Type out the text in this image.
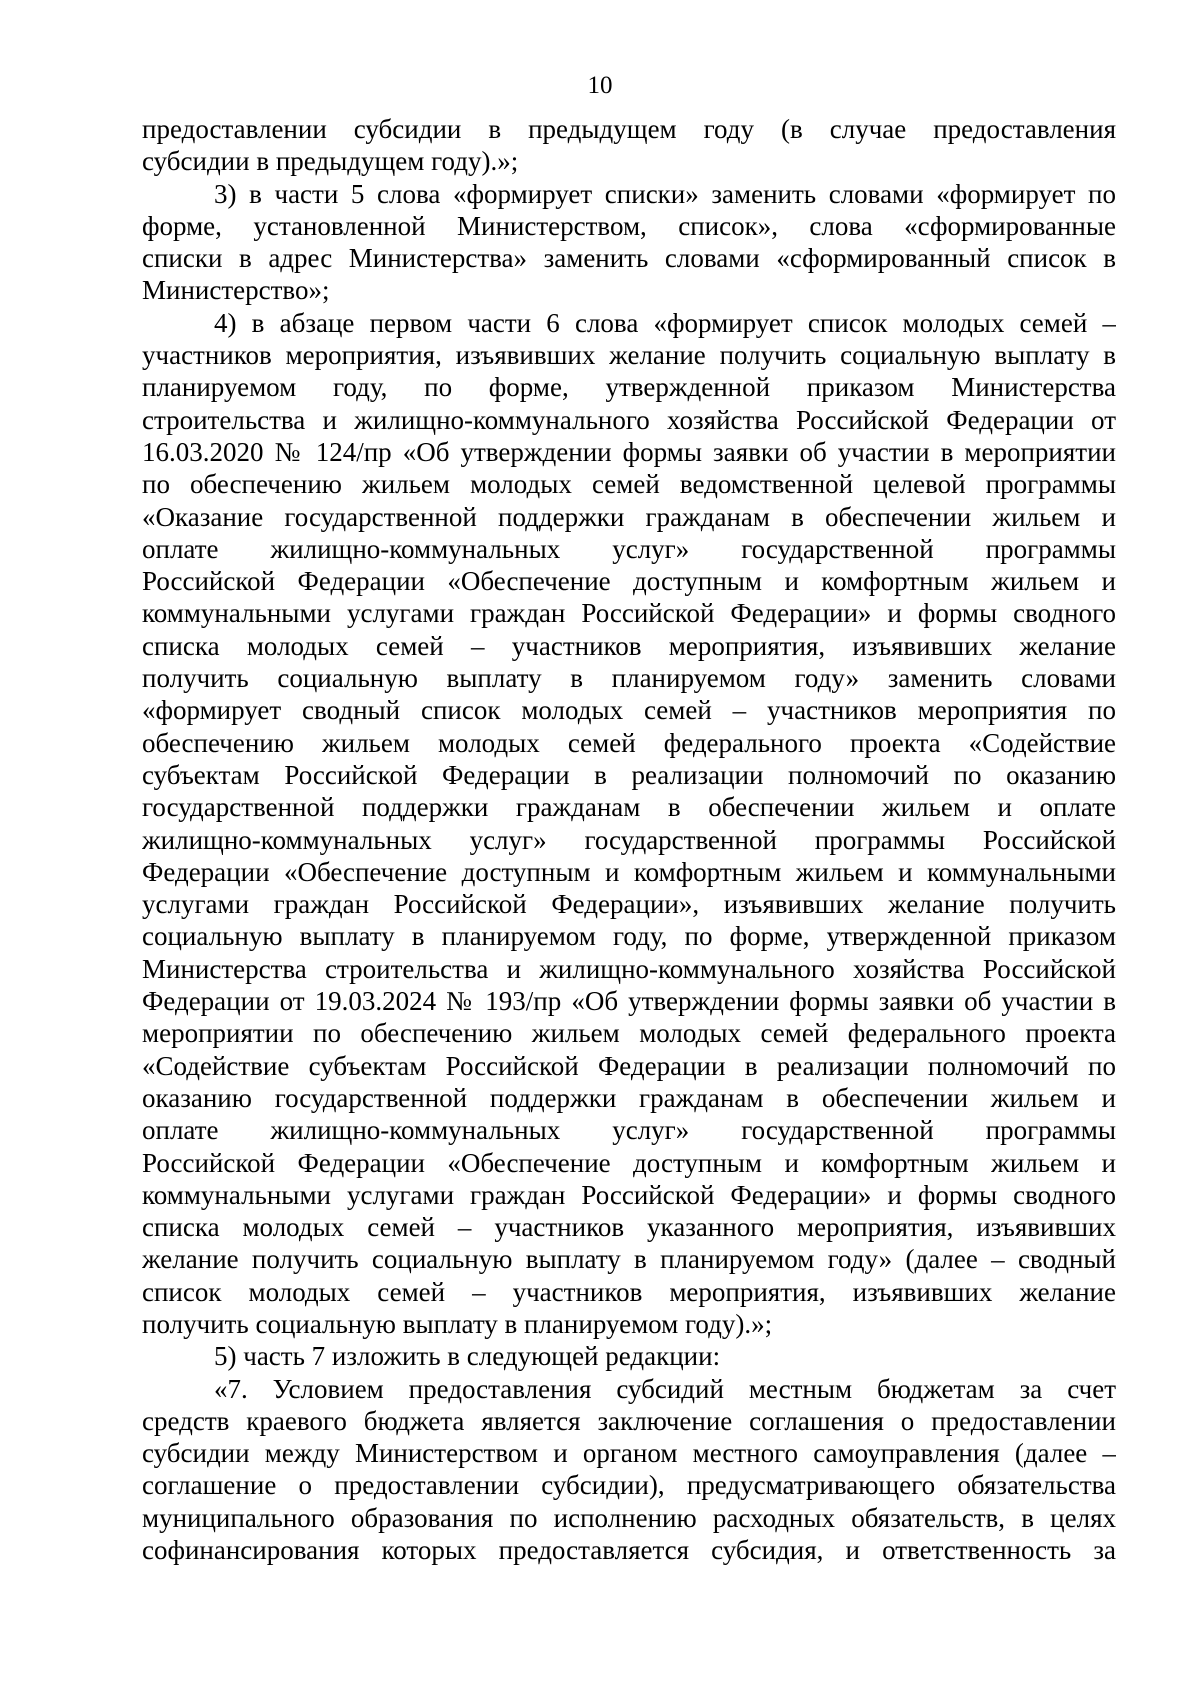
10

предоставлении субсидии в предыдущем году (в случае предоставления
субсидии в предыдущем году).»;

3) в части 5 слова «формирует списки» заменить словами «формирует по
форме, установленной Министерством, список», слова «сформированные
списки в адрес Министерства» заменить словами «сформированный список в
Министерство»;

4) в абзаце первом части 6 слова «формирует список молодых семей –
участников мероприятия, изъявивших желание получить социальную выплату в
планируемом году, по форме, утвержденной приказом Министерства
строительства и жилищно-коммунального хозяйства Российской Федерации от
16.03.2020 № 124/пр «Об утверждении формы заявки об участии в мероприятии
по обеспечению жильем молодых семей ведомственной целевой программы
«Оказание государственной поддержки гражданам в обеспечении жильем и
оплате жилищно-коммунальных услуг» государственной программы
Российской Федерации «Обеспечение доступным и комфортным жильем и
коммунальными услугами граждан Российской Федерации» и формы сводного
списка молодых семей – участников мероприятия, изъявивших желание
получить социальную выплату в планируемом году» заменить словами
«формирует сводный список молодых семей – участников мероприятия по
обеспечению жильем молодых семей федерального проекта «Содействие
субъектам Российской Федерации в реализации полномочий по оказанию
государственной поддержки гражданам в обеспечении жильем и оплате
жилищно-коммунальных услуг» государственной программы Российской
Федерации «Обеспечение доступным и комфортным жильем и коммунальными
услугами граждан Российской Федерации», изъявивших желание получить
социальную выплату в планируемом году, по форме, утвержденной приказом
Министерства строительства и жилищно-коммунального хозяйства Российской
Федерации от 19.03.2024 № 193/пр «Об утверждении формы заявки об участии в
мероприятии по обеспечению жильем молодых семей федерального проекта
«Содействие субъектам Российской Федерации в реализации полномочий по
оказанию государственной поддержки гражданам в обеспечении жильем и
оплате жилищно-коммунальных услуг» государственной программы
Российской Федерации «Обеспечение доступным и комфортным жильем и
коммунальными услугами граждан Российской Федерации» и формы сводного
списка молодых семей – участников указанного мероприятия, изъявивших
желание получить социальную выплату в планируемом году» (далее – сводный
список молодых семей – участников мероприятия, изъявивших желание
получить социальную выплату в планируемом году).»;

5) часть 7 изложить в следующей редакции:

«7. Условием предоставления субсидий местным бюджетам за счет
средств краевого бюджета является заключение соглашения о предоставлении
субсидии между Министерством и органом местного самоуправления (далее –
соглашение о предоставлении субсидии), предусматривающего обязательства
муниципального образования по исполнению расходных обязательств, в целях
софинансирования которых предоставляется субсидия, и ответственность за
